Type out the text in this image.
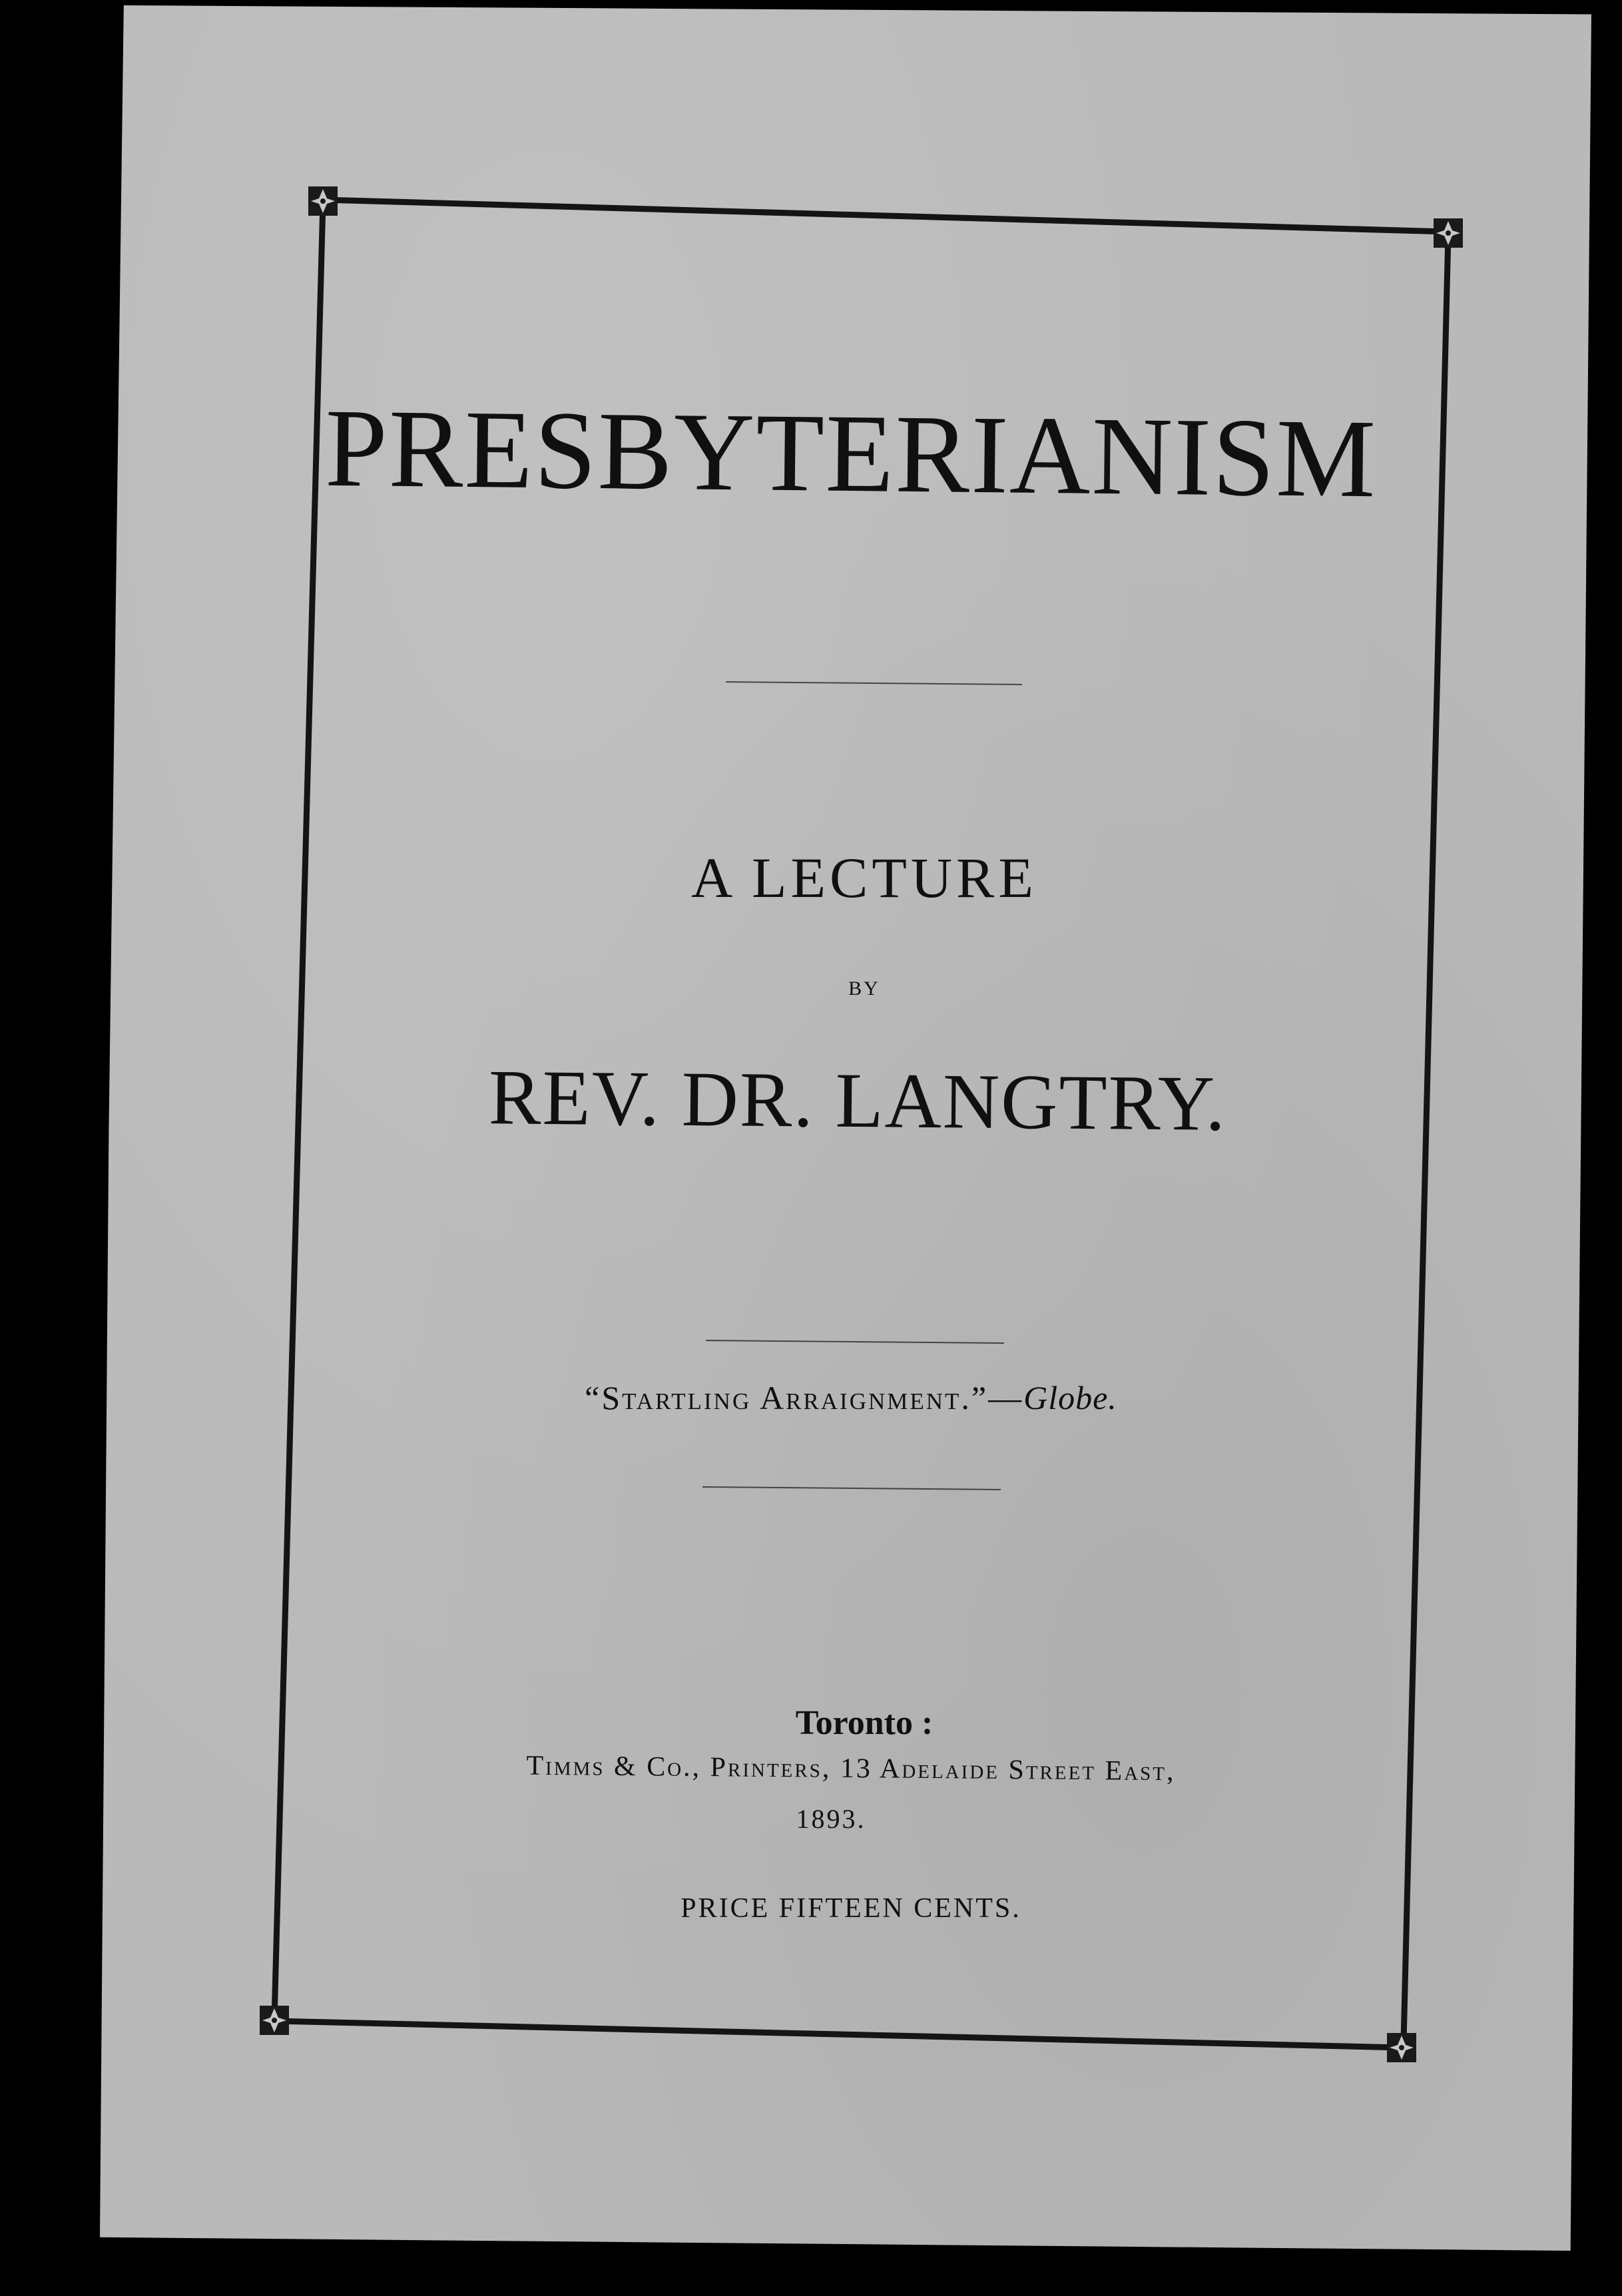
PRESBYTERIANISM
A LECTURE
BY
REV. DR. LANGTRY.
“Startling Arraignment.”—Globe.
Toronto :
Timms & Co., Printers, 13 Adelaide Street East,
1893.
PRICE FIFTEEN CENTS.
